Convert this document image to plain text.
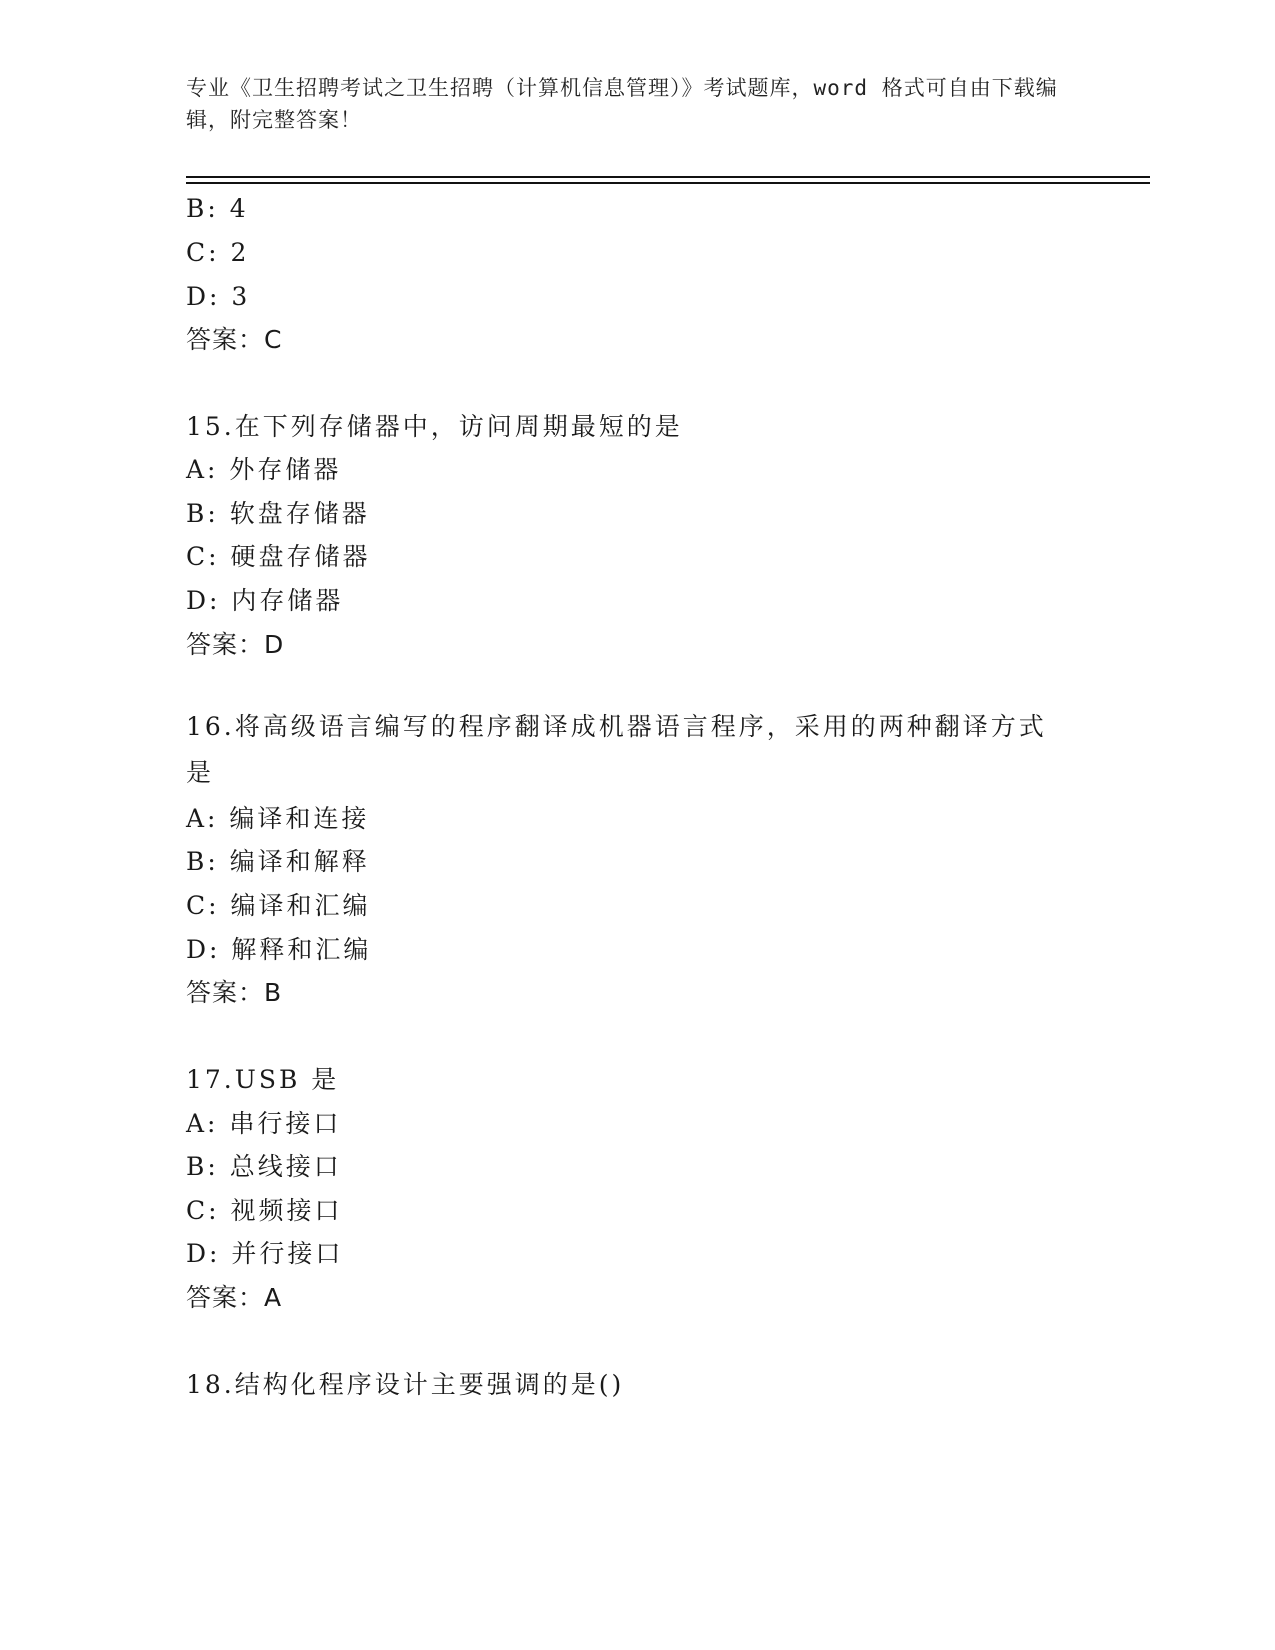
专业《卫生招聘考试之卫生招聘（计算机信息管理）》考试题库，word 格式可自由下载编辑，附完整答案！
B: 4
C: 2
D: 3
答案：C
15.在下列存储器中，访问周期最短的是
A: 外存储器
B: 软盘存储器
C: 硬盘存储器
D: 内存储器
答案：D
16.将高级语言编写的程序翻译成机器语言程序，采用的两种翻译方式是
A: 编译和连接
B: 编译和解释
C: 编译和汇编
D: 解释和汇编
答案：B
17.USB 是
A: 串行接口
B: 总线接口
C: 视频接口
D: 并行接口
答案：A
18.结构化程序设计主要强调的是()
